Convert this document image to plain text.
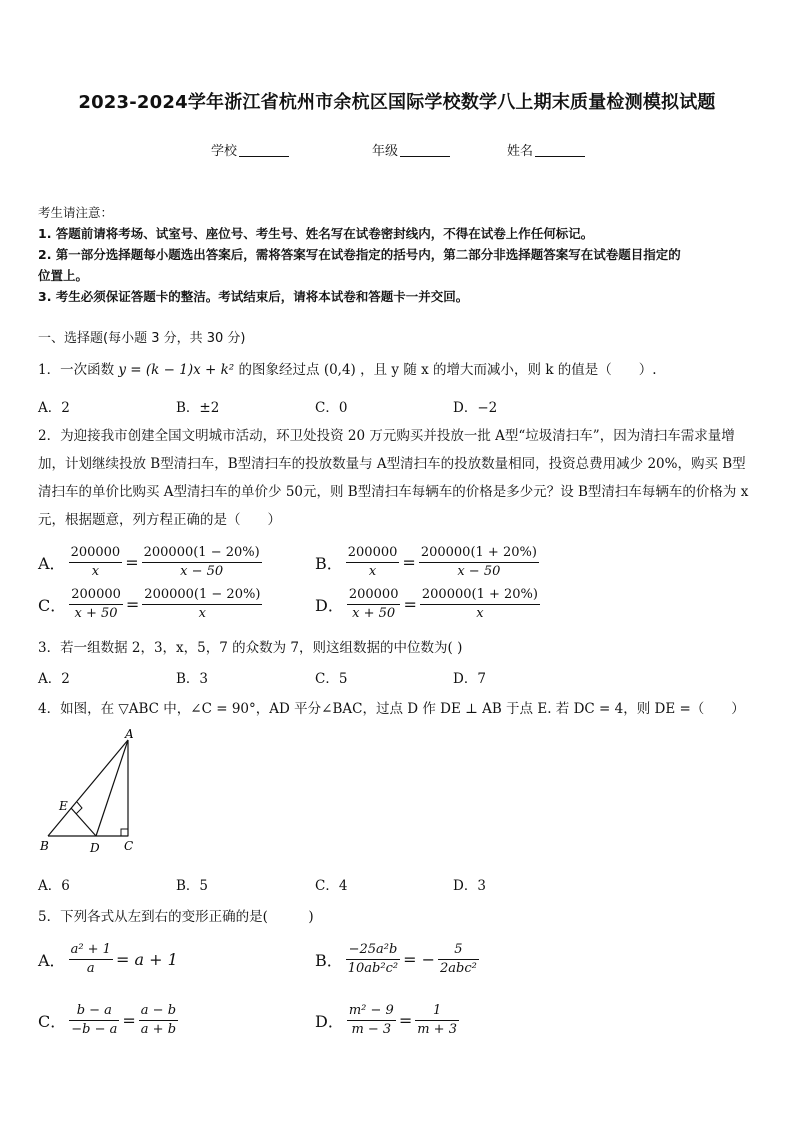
2023-2024学年浙江省杭州市余杭区国际学校数学八上期末质量检测模拟试题
学校	年级	姓名
考生请注意：
1. 答题前请将考场、试室号、座位号、考生号、姓名写在试卷密封线内，不得在试卷上作任何标记。
2. 第一部分选择题每小题选出答案后，需将答案写在试卷指定的括号内，第二部分非选择题答案写在试卷题目指定的
位置上。
3. 考生必须保证答题卡的整洁。考试结束后，请将本试卷和答题卡一并交回。
一、选择题(每小题 3 分，共 30 分)
1．一次函数 y = (k − 1)x + k² 的图象经过点 (0,4) ，且 y 随 x 的增大而减小，则 k 的值是（　　）.
A．2	B．±2	C．0	D．−2
2．为迎接我市创建全国文明城市活动，环卫处投资 20 万元购买并投放一批 A型“垃圾清扫车”，因为清扫车需求量增加，计划继续投放 B型清扫车，B型清扫车的投放数量与 A型清扫车的投放数量相同，投资总费用减少 20%，购买 B型清扫车的单价比购买 A型清扫车的单价少 50元，则 B型清扫车每辆车的价格是多少元？设 B型清扫车每辆车的价格为 x元，根据题意，列方程正确的是（　　）
A． $\frac{200000}{x} = \frac{200000(1 - 20\%)}{x - 50}$	B． $\frac{200000}{x} = \frac{200000(1 + 20\%)}{x - 50}$
C． $\frac{200000}{x + 50} = \frac{200000(1 - 20\%)}{x}$	D． $\frac{200000}{x + 50} = \frac{200000(1 + 20\%)}{x}$
3．若一组数据 2，3，x，5，7 的众数为 7，则这组数据的中位数为( )
A．2	B．3	C．5	D．7
4．如图，在 ▽ABC 中，∠C = 90°，AD 平分∠BAC，过点 D 作 DE ⊥ AB 于点 E. 若 DC = 4，则 DE =（　　）
A
B	C
D
E
A．6	B．5	C．4	D．3
5．下列各式从左到右的变形正确的是(　　　)
A． $\frac{\text{a² + 1}}{a} = a + 1$	B． $\frac{\text{−25a²b}}{\text{10ab²c²}}$ = − $\frac{5}{\text{2abc²}}$
C． $\frac{b - a}{-b - a} = \frac{a - b}{a + b}$	D． $\frac{\text{m² − 9}}{m - 3} = \frac{1}{m + 3}$
